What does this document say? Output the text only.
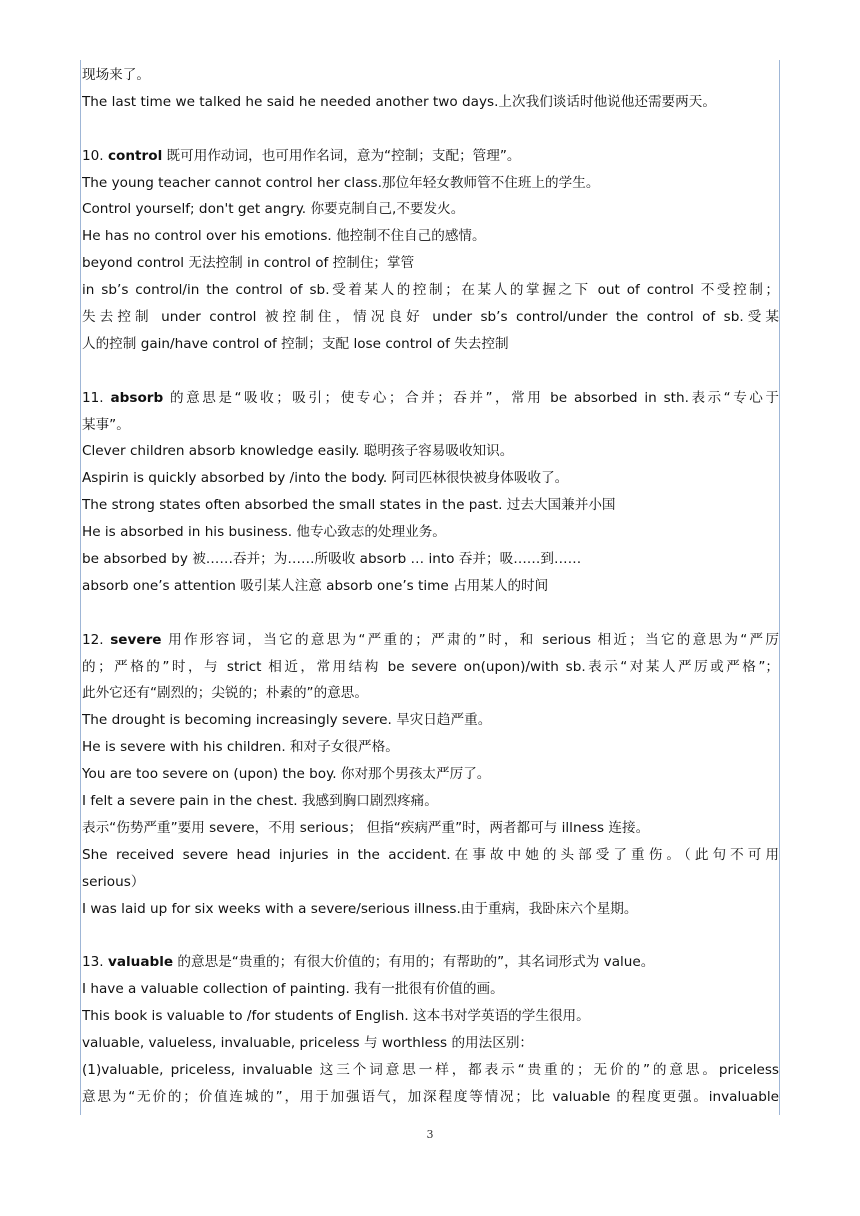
现场来了。
The last time we talked he said he needed another two days.上次我们谈话时他说他还需要两天。
10. control 既可用作动词，也可用作名词，意为“控制；支配；管理”。
The young teacher cannot control her class.那位年轻女教师管不住班上的学生。
Control yourself; don't get angry. 你要克制自己,不要发火。
He has no control over his emotions. 他控制不住自己的感情。
beyond control 无法控制 in control of 控制住；掌管
in sb’s control/in the control of sb.受着某人的控制；在某人的掌握之下 out of control 不受控制；
失去控制 under control 被控制住，情况良好 under sb’s control/under the control of sb.受某
人的控制 gain/have control of 控制；支配 lose control of 失去控制
11. absorb 的意思是“吸收；吸引；使专心；合并；吞并”，常用 be absorbed in sth.表示“专心于
某事”。
Clever children absorb knowledge easily. 聪明孩子容易吸收知识。
Aspirin is quickly absorbed by /into the body. 阿司匹林很快被身体吸收了。
The strong states often absorbed the small states in the past. 过去大国兼并小国
He is absorbed in his business. 他专心致志的处理业务。
be absorbed by 被……吞并；为……所吸收 absorb … into 吞并；吸……到……
absorb one’s attention 吸引某人注意 absorb one’s time 占用某人的时间
12. severe 用作形容词，当它的意思为“严重的；严肃的”时，和 serious 相近；当它的意思为“严厉
的；严格的”时，与 strict 相近，常用结构 be severe on(upon)/with sb.表示“对某人严厉或严格”；
此外它还有“剧烈的；尖锐的；朴素的”的意思。
The drought is becoming increasingly severe. 旱灾日趋严重。
He is severe with his children. 和对子女很严格。
You are too severe on (upon) the boy. 你对那个男孩太严厉了。
I felt a severe pain in the chest. 我感到胸口剧烈疼痛。
表示“伤势严重”要用 severe，不用 serious； 但指“疾病严重”时，两者都可与 illness 连接。
She received severe head injuries in the accident.在事故中她的头部受了重伤。（此句不可用
serious）
I was laid up for six weeks with a severe/serious illness.由于重病，我卧床六个星期。
13. valuable 的意思是“贵重的；有很大价值的；有用的；有帮助的”，其名词形式为 value。
I have a valuable collection of painting. 我有一批很有价值的画。
This book is valuable to /for students of English. 这本书对学英语的学生很用。
valuable, valueless, invaluable, priceless 与 worthless 的用法区别：
(1)valuable, priceless, invaluable 这三个词意思一样，都表示“贵重的；无价的”的意思。priceless
意思为“无价的；价值连城的”，用于加强语气，加深程度等情况；比 valuable 的程度更强。invaluable
3
